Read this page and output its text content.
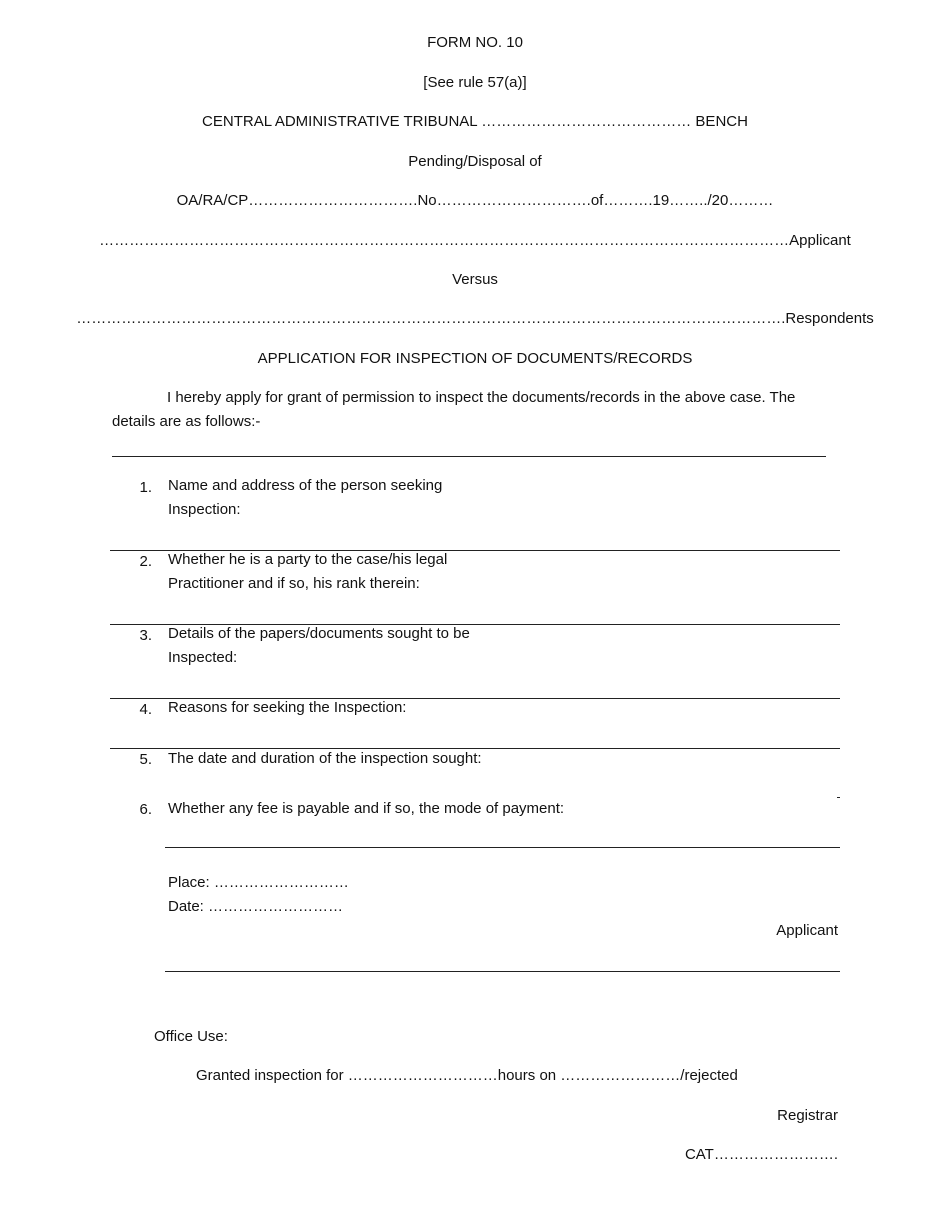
FORM NO. 10
[See rule 57(a)]
CENTRAL ADMINISTRATIVE TRIBUNAL …………………………………… BENCH
Pending/Disposal of
OA/RA/CP…………………………….No………………………….of……….19……../20………
…………………………………………………………………………………………………………………………Applicant
Versus
…………………………………………………………………………………………………………………………….Respondents
APPLICATION FOR INSPECTION OF DOCUMENTS/RECORDS
I hereby apply for grant of permission to inspect the documents/records in the above case. The
details are as follows:-
1. Name and address of the person seeking
Inspection:
2. Whether he is a party to the case/his legal
Practitioner and if so, his rank therein:
3. Details of the papers/documents sought to be
Inspected:
4. Reasons for seeking the Inspection:
5. The date and duration of the inspection sought:
6. Whether any fee is payable and if so, the mode of payment:
Place: ………………………
Date: ………………………
Applicant
Office Use:
Granted inspection for …………………………hours on ……………………/rejected
Registrar
CAT…………………….
